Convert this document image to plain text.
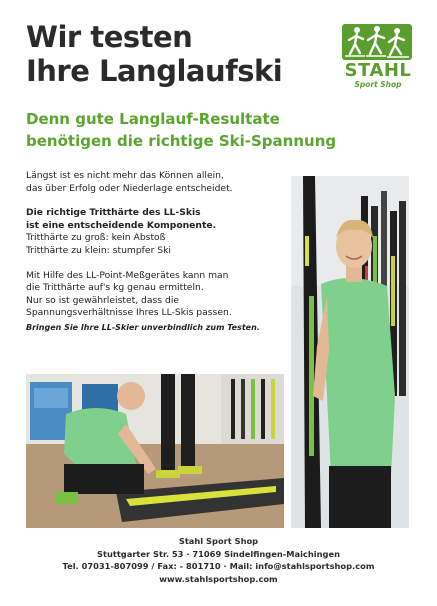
Wir testen
Ihre Langlaufski	STAHL
Sport Shop
Denn gute Langlauf-Resultate
benötigen die richtige Ski-Spannung

Längst ist es nicht mehr das Können allein,

das über Erfolg oder Niederlage entscheidet.

Die richtige Tritthärte des LL-Skis

ist eine entscheidende Komponente.

Tritthärte zu groß: kein Abstoß

Tritthärte zu klein: stumpfer Ski

Mit Hilfe des LL-Point-Meßgerätes kann man

die Tritthärte auf's kg genau ermitteln.

Nur so ist gewährleistet, dass die

Spannungsverhältnisse Ihres LL-Skis passen.

Bringen Sie Ihre LL-Skier unverbindlich zum Testen.

Stahl Sport Shop
Stuttgarter Str. 53 · 71069 Sindelfingen-Maichingen
Tel. 07031-807099 / Fax: - 801710 · Mail: info@stahlsportshop.com
www.stahlsportshop.com
